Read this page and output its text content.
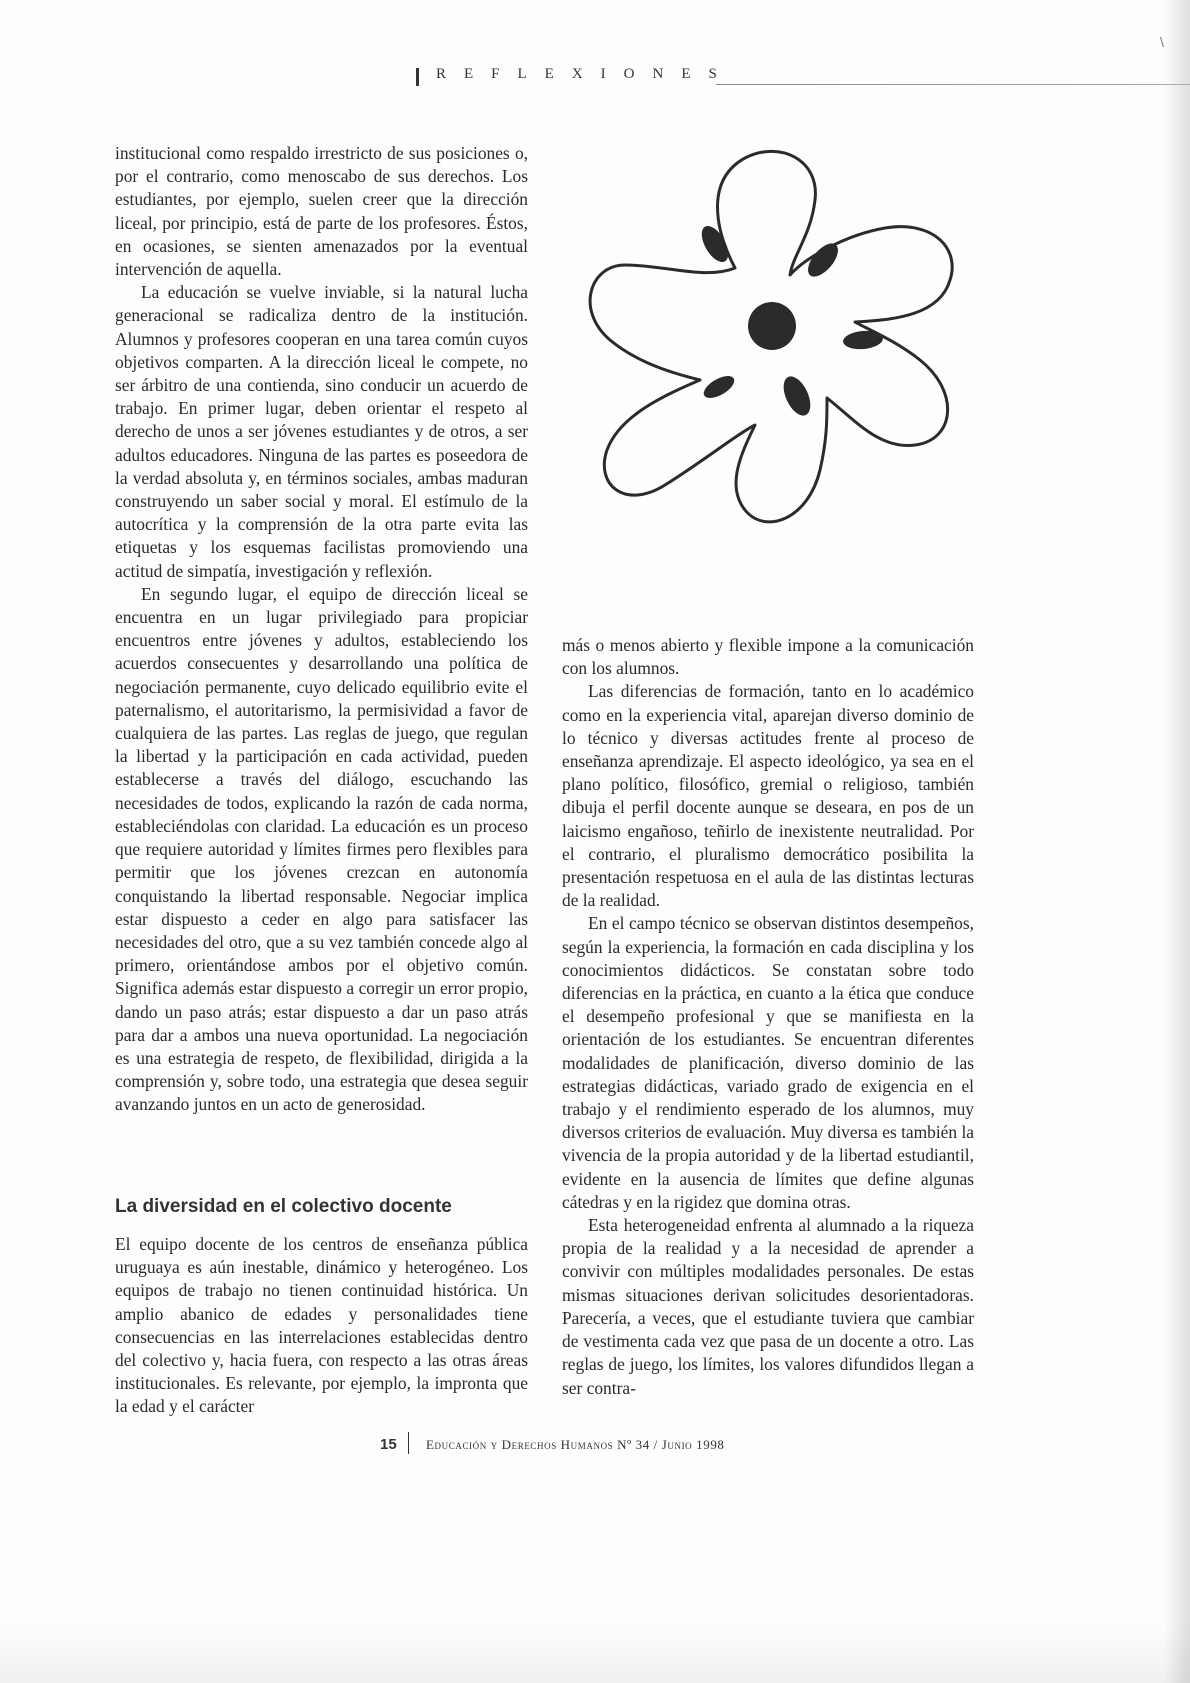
\
REFLEXIONES

institucional como respaldo irrestricto de sus posiciones o, por el contrario, como menoscabo de sus derechos. Los estudiantes, por ejemplo, suelen creer que la dirección liceal, por principio, está de parte de los profesores. Éstos, en ocasiones, se sienten amenazados por la eventual intervención de aquella.

La educación se vuelve inviable, si la natural lucha generacional se radicaliza dentro de la institución. Alumnos y profesores cooperan en una tarea común cuyos objetivos comparten. A la dirección liceal le compete, no ser árbitro de una contienda, sino conducir un acuerdo de trabajo. En primer lugar, deben orientar el respeto al derecho de unos a ser jóvenes estudiantes y de otros, a ser adultos educadores. Ninguna de las partes es poseedora de la verdad absoluta y, en términos sociales, ambas maduran construyendo un saber social y moral. El estímulo de la autocrítica y la comprensión de la otra parte evita las etiquetas y los esquemas facilistas promoviendo una actitud de simpatía, investigación y reflexión.

En segundo lugar, el equipo de dirección liceal se encuentra en un lugar privilegiado para propiciar encuentros entre jóvenes y adultos, estableciendo los acuerdos consecuentes y desarrollando una política de negociación permanente, cuyo delicado equilibrio evite el paternalismo, el autoritarismo, la permisividad a favor de cualquiera de las partes. Las reglas de juego, que regulan la libertad y la participación en cada actividad, pueden establecerse a través del diálogo, escuchando las necesidades de todos, explicando la razón de cada norma, estableciéndolas con claridad. La educación es un proceso que requiere autoridad y límites firmes pero flexibles para permitir que los jóvenes crezcan en autonomía conquistando la libertad responsable. Negociar implica estar dispuesto a ceder en algo para satisfacer las necesidades del otro, que a su vez también concede algo al primero, orientándose ambos por el objetivo común. Significa además estar dispuesto a corregir un error propio, dando un paso atrás; estar dispuesto a dar un paso atrás para dar a ambos una nueva oportunidad. La negociación es una estrategia de respeto, de flexibilidad, dirigida a la comprensión y, sobre todo, una estrategia que desea seguir avanzando juntos en un acto de generosidad.

La diversidad en el colectivo docente

El equipo docente de los centros de enseñanza pública uruguaya es aún inestable, dinámico y heterogéneo. Los equipos de trabajo no tienen continuidad histórica. Un amplio abanico de edades y personalidades tiene consecuencias en las interrelaciones establecidas dentro del colectivo y, hacia fuera, con respecto a las otras áreas institucionales. Es relevante, por ejemplo, la impronta que la edad y el carácter

más o menos abierto y flexible impone a la comunicación con los alumnos.

Las diferencias de formación, tanto en lo académico como en la experiencia vital, aparejan diverso dominio de lo técnico y diversas actitudes frente al proceso de enseñanza aprendizaje. El aspecto ideológico, ya sea en el plano político, filosófico, gremial o religioso, también dibuja el perfil docente aunque se deseara, en pos de un laicismo engañoso, teñirlo de inexistente neutralidad. Por el contrario, el pluralismo democrático posibilita la presentación respetuosa en el aula de las distintas lecturas de la realidad.

En el campo técnico se observan distintos desempeños, según la experiencia, la formación en cada disciplina y los conocimientos didácticos. Se constatan sobre todo diferencias en la práctica, en cuanto a la ética que conduce el desempeño profesional y que se manifiesta en la orientación de los estudiantes. Se encuentran diferentes modalidades de planificación, diverso dominio de las estrategias didácticas, variado grado de exigencia en el trabajo y el rendimiento esperado de los alumnos, muy diversos criterios de evaluación. Muy diversa es también la vivencia de la propia autoridad y de la libertad estudiantil, evidente en la ausencia de límites que define algunas cátedras y en la rigidez que domina otras.

Esta heterogeneidad enfrenta al alumnado a la riqueza propia de la realidad y a la necesidad de aprender a convivir con múltiples modalidades personales. De estas mismas situaciones derivan solicitudes desorientadoras. Parecería, a veces, que el estudiante tuviera que cambiar de vestimenta cada vez que pasa de un docente a otro. Las reglas de juego, los límites, los valores difundidos llegan a ser contra-

15 Educación y Derechos Humanos Nº 34 / Junio 1998
